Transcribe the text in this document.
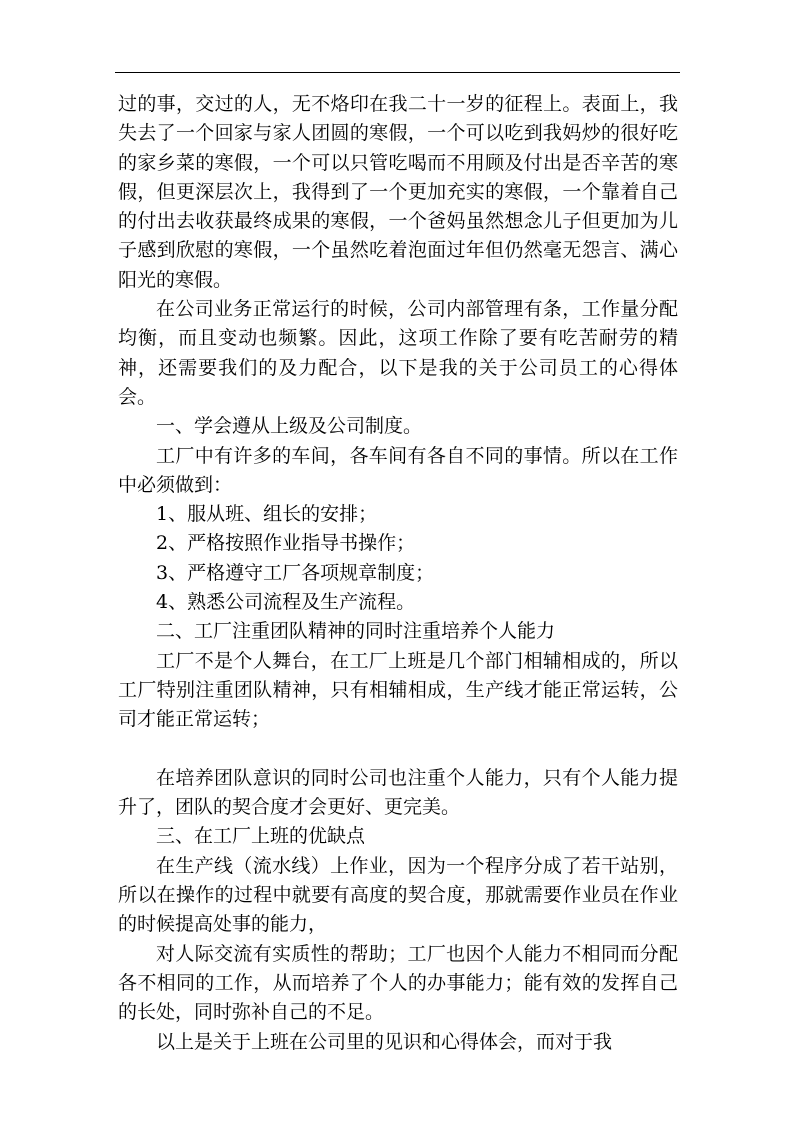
过的事，交过的人，无不烙印在我二十一岁的征程上。表面上，我失去了一个回家与家人团圆的寒假，一个可以吃到我妈炒的很好吃的家乡菜的寒假，一个可以只管吃喝而不用顾及付出是否辛苦的寒假，但更深层次上，我得到了一个更加充实的寒假，一个靠着自己的付出去收获最终成果的寒假，一个爸妈虽然想念儿子但更加为儿子感到欣慰的寒假，一个虽然吃着泡面过年但仍然毫无怨言、满心阳光的寒假。

在公司业务正常运行的时候，公司内部管理有条，工作量分配均衡，而且变动也频繁。因此，这项工作除了要有吃苦耐劳的精神，还需要我们的及力配合，以下是我的关于公司员工的心得体会。

一、学会遵从上级及公司制度。

工厂中有许多的车间，各车间有各自不同的事情。所以在工作中必须做到：

1、服从班、组长的安排；

2、严格按照作业指导书操作；

3、严格遵守工厂各项规章制度；

4、熟悉公司流程及生产流程。

二、工厂注重团队精神的同时注重培养个人能力

工厂不是个人舞台，在工厂上班是几个部门相辅相成的，所以工厂特别注重团队精神，只有相辅相成，生产线才能正常运转，公司才能正常运转；

在培养团队意识的同时公司也注重个人能力，只有个人能力提升了，团队的契合度才会更好、更完美。

三、在工厂上班的优缺点

在生产线（流水线）上作业，因为一个程序分成了若干站别，所以在操作的过程中就要有高度的契合度，那就需要作业员在作业的时候提高处事的能力，

对人际交流有实质性的帮助；工厂也因个人能力不相同而分配各不相同的工作，从而培养了个人的办事能力；能有效的发挥自己的长处，同时弥补自己的不足。

以上是关于上班在公司里的见识和心得体会，而对于我
